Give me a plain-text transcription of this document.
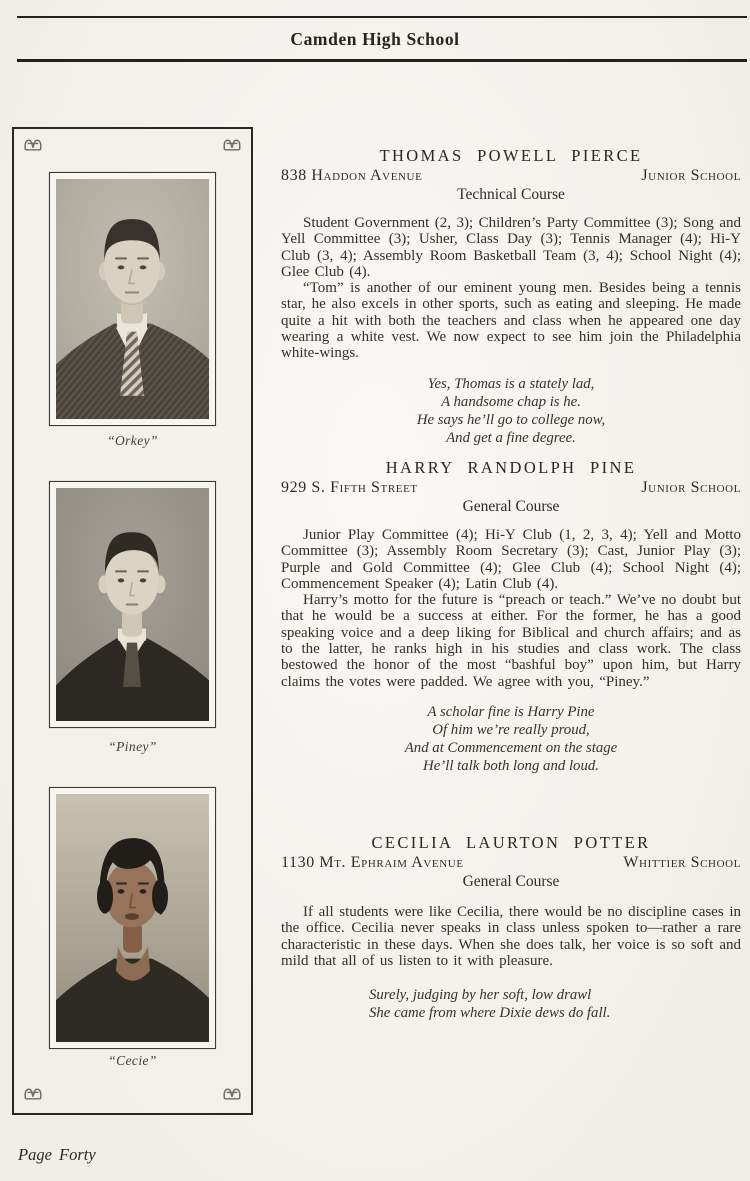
Camden High School
“Orkey”
“Piney”
“Cecie”
THOMAS POWELL PIERCE
838 Haddon Avenue	Junior School
Technical Course

Student Government (2, 3); Children’s Party Committee (3); Song and Yell Committee (3); Usher, Class Day (3); Tennis Manager (4); Hi-Y Club (3, 4); Assembly Room Basketball Team (3, 4); School Night (4); Glee Club (4).

“Tom” is another of our eminent young men. Besides being a tennis star, he also excels in other sports, such as eating and sleeping. He made quite a hit with both the teachers and class when he appeared one day wearing a white vest. We now expect to see him join the Philadelphia white-wings.

Yes, Thomas is a stately lad,
A handsome chap is he.
He says he’ll go to college now,
And get a fine degree.
HARRY RANDOLPH PINE
929 S. Fifth Street	Junior School
General Course

Junior Play Committee (4); Hi-Y Club (1, 2, 3, 4); Yell and Motto Committee (3); Assembly Room Secretary (3); Cast, Junior Play (3); Purple and Gold Committee (4); Glee Club (4); School Night (4); Commencement Speaker (4); Latin Club (4).

Harry’s motto for the future is “preach or teach.” We’ve no doubt but that he would be a success at either. For the former, he has a good speaking voice and a deep liking for Biblical and church affairs; and as to the latter, he ranks high in his studies and class work. The class bestowed the honor of the most “bashful boy” upon him, but Harry claims the votes were padded. We agree with you, “Piney.”

A scholar fine is Harry Pine
Of him we’re really proud,
And at Commencement on the stage
He’ll talk both long and loud.
CECILIA LAURTON POTTER
1130 Mt. Ephraim Avenue	Whittier School
General Course

If all students were like Cecilia, there would be no discipline cases in the office. Cecilia never speaks in class unless spoken to—rather a rare characteristic in these days. When she does talk, her voice is so soft and mild that all of us listen to it with pleasure.

Surely, judging by her soft, low drawl
She came from where Dixie dews do fall.
Page Forty
